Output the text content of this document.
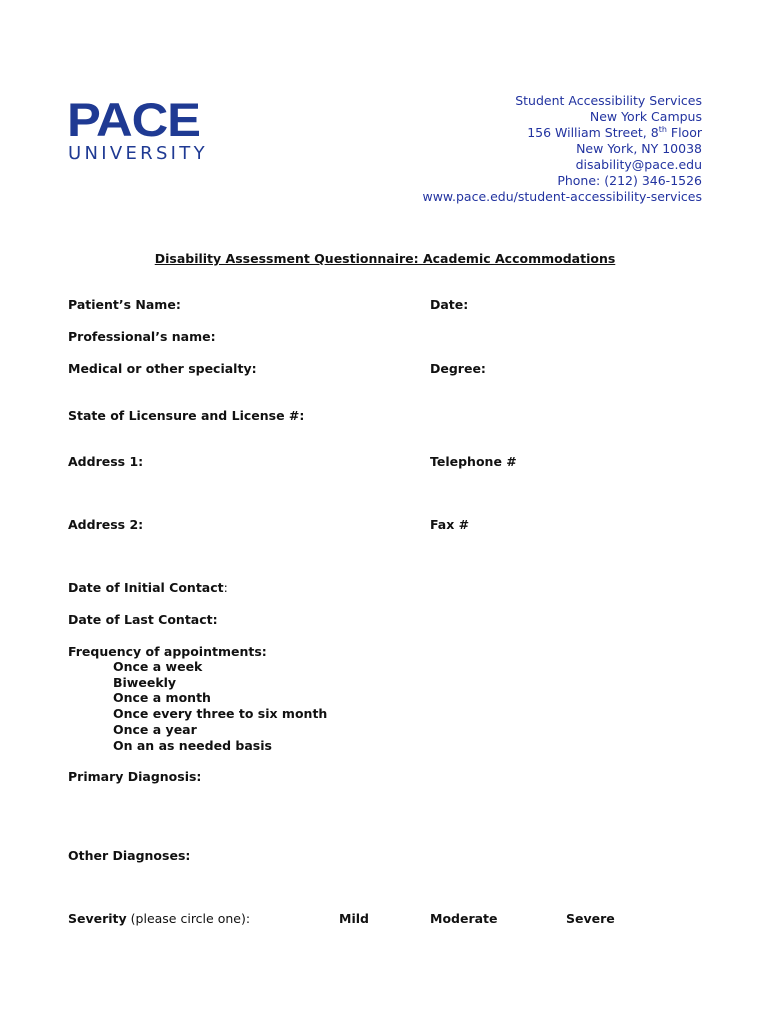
PACE
UNIVERSITY
Student Accessibility Services
New York Campus
156 William Street, 8th Floor
New York, NY 10038
disability@pace.edu
Phone: (212) 346-1526
www.pace.edu/student-accessibility-services
Disability Assessment Questionnaire: Academic Accommodations
Patient’s Name:	Date:
Professional’s name:
Medical or other specialty:	Degree:
State of Licensure and License #:
Address 1:	Telephone #
Address 2:	Fax #
Date of Initial Contact:
Date of Last Contact:
Frequency of appointments:
Once a week
Biweekly
Once a month
Once every three to six month
Once a year
On an as needed basis
Primary Diagnosis:
Other Diagnoses:
Severity (please circle one):	Mild	Moderate	Severe
